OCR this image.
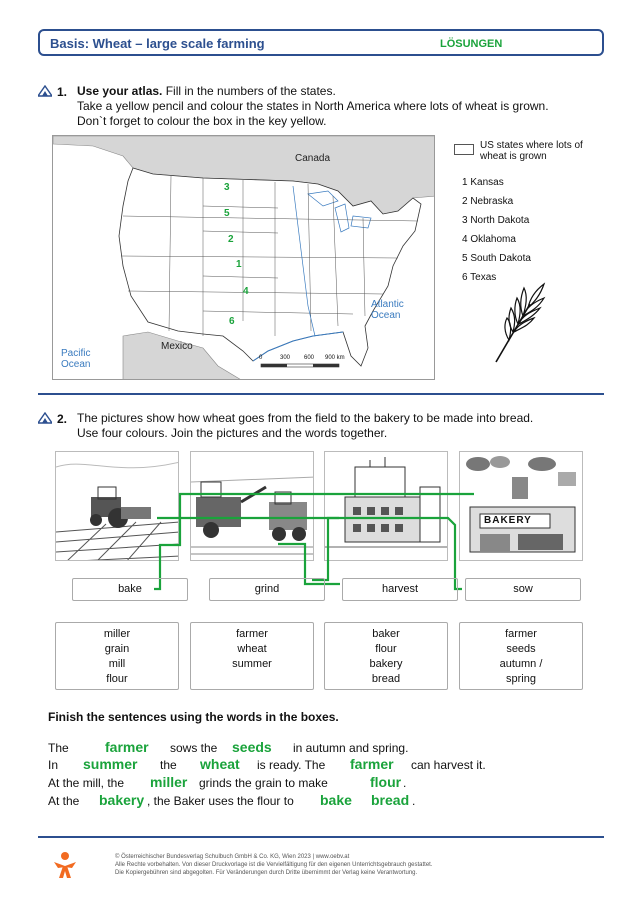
Basis: Wheat – large scale farming	LÖSUNGEN
1. Use your atlas. Fill in the numbers of the states.
Take a yellow pencil and colour the states in North America where lots of wheat is grown.
Don`t forget to colour the box in the key yellow.
Canada
Mexico
Atlantic Ocean
Pacific Ocean
0	300 600 900 km
3
5
2
1
4
6
US states where lots of wheat is grown
1 Kansas
2 Nebraska
3 North Dakota
4 Oklahoma
5 South Dakota
6 Texas
2. The pictures show how wheat goes from the field to the bakery to be made into bread.
Use four colours. Join the pictures and the words together.
BAKERY
bake	grind	harvest	sow
miller
grain
mill
flour
farmer
wheat
summer
baker
flour
bakery
bread
farmer
seeds
autumn /
spring
Finish the sentences using the words in the boxes.
The	farmer sows the seeds in autumn and spring.
In summer the wheat is ready. The farmer can harvest it.
At the mill, the miller grinds the grain to make	flour .
At the bakery , the Baker uses the flour to bake bread .
© Österreichischer Bundesverlag Schulbuch GmbH & Co. KG, Wien 2023 | www.oebv.at
Alle Rechte vorbehalten. Von dieser Druckvorlage ist die Vervielfältigung für den eigenen Unterrichtsgebrauch gestattet.
Die Kopiergebühren sind abgegolten. Für Veränderungen durch Dritte übernimmt der Verlag keine Verantwortung.
